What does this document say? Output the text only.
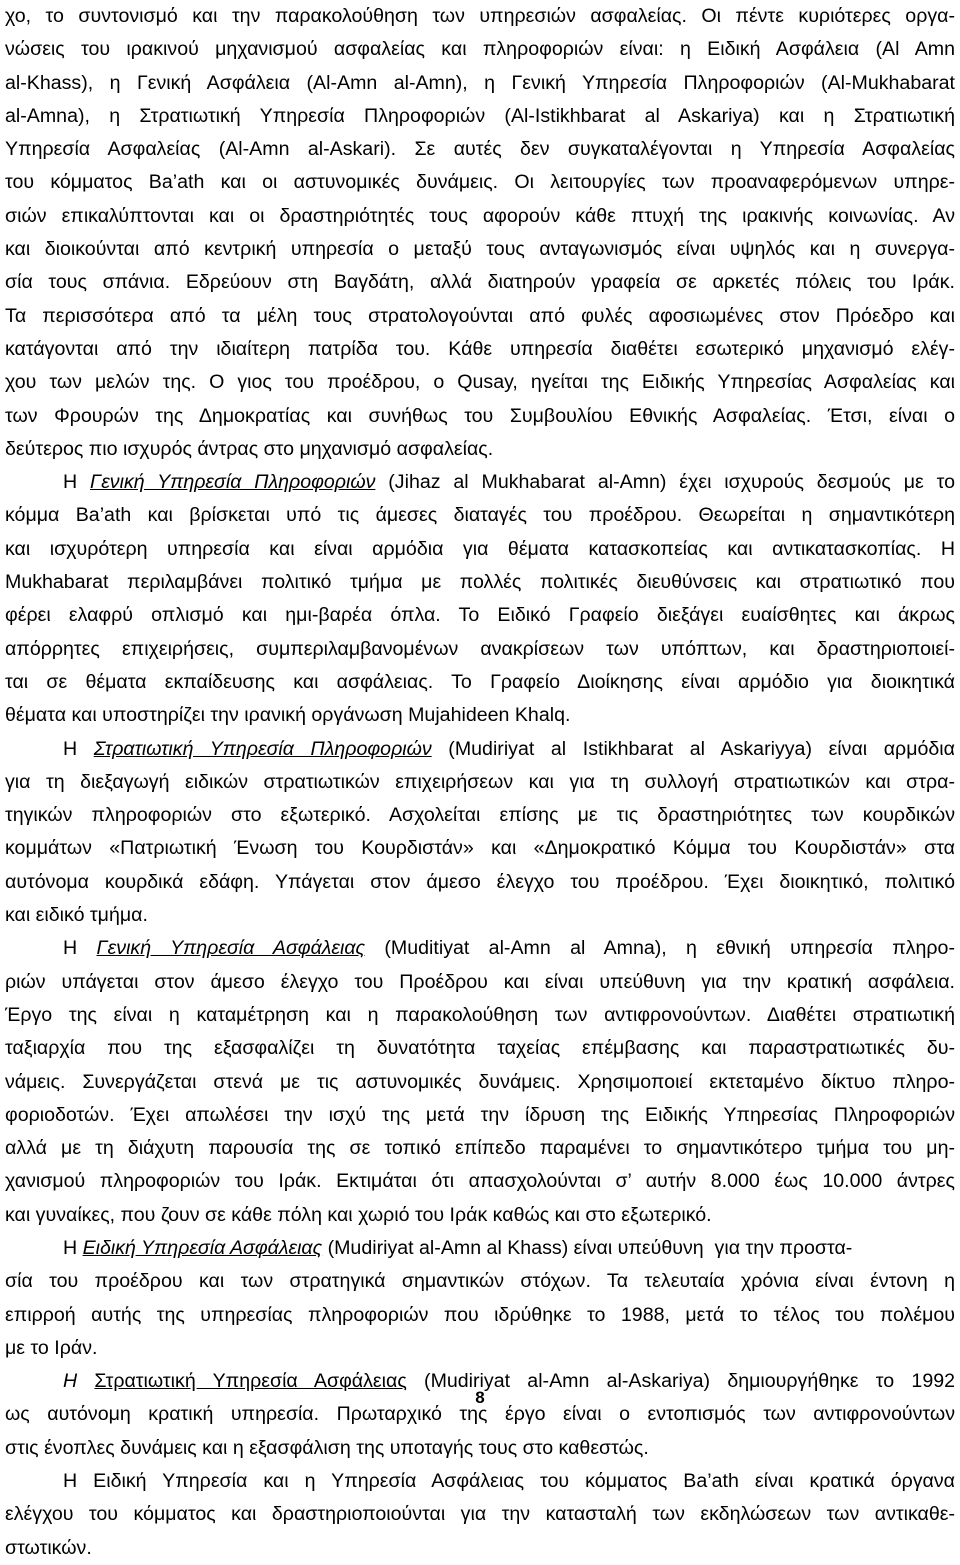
χο, το συντονισμό και την παρακολούθηση των υπηρεσιών ασφαλείας. Οι πέντε κυριότερες οργα-
νώσεις του ιρακινού μηχανισμού ασφαλείας και πληροφοριών είναι: η Ειδική Ασφάλεια (Al Amn
al-Khass), η Γενική Ασφάλεια (Al-Amn al-Amn), η Γενική Υπηρεσία Πληροφοριών (Al-Mukhabarat
al-Amna), η Στρατιωτική Υπηρεσία Πληροφοριών (Al-Istikhbarat al Askariya) και η Στρατιωτική
Υπηρεσία Ασφαλείας (Al-Amn al-Askari). Σε αυτές δεν συγκαταλέγονται η Υπηρεσία Ασφαλείας
του κόμματος Ba’ath και οι αστυνομικές δυνάμεις. Οι λειτουργίες των προαναφερόμενων υπηρε-
σιών επικαλύπτονται και οι δραστηριότητές τους αφορούν κάθε πτυχή της ιρακινής κοινωνίας. Αν
και διοικούνται από κεντρική υπηρεσία ο μεταξύ τους ανταγωνισμός είναι υψηλός και η συνεργα-
σία τους σπάνια. Εδρεύουν στη Βαγδάτη, αλλά διατηρούν γραφεία σε αρκετές πόλεις του Ιράκ.
Τα περισσότερα από τα μέλη τους στρατολογούνται από φυλές αφοσιωμένες στον Πρόεδρο και
κατάγονται από την ιδιαίτερη πατρίδα του. Κάθε υπηρεσία διαθέτει εσωτερικό μηχανισμό ελέγ-
χου των μελών της. Ο γιος του προέδρου, ο Qusay, ηγείται της Ειδικής Υπηρεσίας Ασφαλείας και
των Φρουρών της Δημοκρατίας και συνήθως του Συμβουλίου Εθνικής Ασφαλείας. Έτσι, είναι ο
δεύτερος πιο ισχυρός άντρας στο μηχανισμό ασφαλείας.
Η Γενική Υπηρεσία Πληροφοριών (Jihaz al Mukhabarat al-Amn) έχει ισχυρούς δεσμούς με το
κόμμα Ba’ath και βρίσκεται υπό τις άμεσες διαταγές του προέδρου. Θεωρείται η σημαντικότερη
και ισχυρότερη υπηρεσία και είναι αρμόδια για θέματα κατασκοπείας και αντικατασκοπίας. Η
Mukhabarat περιλαμβάνει πολιτικό τμήμα με πολλές πολιτικές διευθύνσεις και στρατιωτικό που
φέρει ελαφρύ οπλισμό και ημι-βαρέα όπλα. Το Ειδικό Γραφείο διεξάγει ευαίσθητες και άκρως
απόρρητες επιχειρήσεις, συμπεριλαμβανομένων ανακρίσεων των υπόπτων, και δραστηριοποιεί-
ται σε θέματα εκπαίδευσης και ασφάλειας. Το Γραφείο Διοίκησης είναι αρμόδιο για διοικητικά
θέματα και υποστηρίζει την ιρανική οργάνωση Mujahideen Khalq.
Η Στρατιωτική Υπηρεσία Πληροφοριών (Mudiriyat al Istikhbarat al Askariyya) είναι αρμόδια
για τη διεξαγωγή ειδικών στρατιωτικών επιχειρήσεων και για τη συλλογή στρατιωτικών και στρα-
τηγικών πληροφοριών στο εξωτερικό. Ασχολείται επίσης με τις δραστηριότητες των κουρδικών
κομμάτων «Πατριωτική Ένωση του Κουρδιστάν» και «Δημοκρατικό Κόμμα του Κουρδιστάν» στα
αυτόνομα κουρδικά εδάφη. Υπάγεται στον άμεσο έλεγχο του προέδρου. Έχει διοικητικό, πολιτικό
και ειδικό τμήμα.
Η Γενική Υπηρεσία Ασφάλειας (Muditiyat al-Amn al Amna), η εθνική υπηρεσία πληρο-
ριών υπάγεται στον άμεσο έλεγχο του Προέδρου και είναι υπεύθυνη για την κρατική ασφάλεια.
Έργο της είναι η καταμέτρηση και η παρακολούθηση των αντιφρονούντων. Διαθέτει στρατιωτική
ταξιαρχία που της εξασφαλίζει τη δυνατότητα ταχείας επέμβασης και παραστρατιωτικές δυ-
νάμεις. Συνεργάζεται στενά με τις αστυνομικές δυνάμεις. Χρησιμοποιεί εκτεταμένο δίκτυο πληρο-
φοριοδοτών. Έχει απωλέσει την ισχύ της μετά την ίδρυση της Ειδικής Υπηρεσίας Πληροφοριών
αλλά με τη διάχυτη παρουσία της σε τοπικό επίπεδο παραμένει το σημαντικότερο τμήμα του μη-
χανισμού πληροφοριών του Ιράκ. Εκτιμάται ότι απασχολούνται σ’ αυτήν 8.000 έως 10.000 άντρες
και γυναίκες, που ζουν σε κάθε πόλη και χωριό του Ιράκ καθώς και στο εξωτερικό.
Η Ειδική Υπηρεσία Ασφάλειας (Mudiriyat al-Amn al Khass) είναι υπεύθυνη  για την προστα-
σία του προέδρου και των στρατηγικά σημαντικών στόχων. Τα τελευταία χρόνια είναι έντονη η
επιρροή αυτής της υπηρεσίας πληροφοριών που ιδρύθηκε το 1988, μετά το τέλος του πολέμου
με το Ιράν.
Η Στρατιωτική Υπηρεσία Ασφάλειας (Mudiriyat al-Amn al-Askariya) δημιουργήθηκε το 1992
ως αυτόνομη κρατική υπηρεσία. Πρωταρχικό της έργο είναι ο εντοπισμός των αντιφρονούντων
στις ένοπλες δυνάμεις και η εξασφάλιση της υποταγής τους στο καθεστώς.
Η Ειδική Υπηρεσία και η Υπηρεσία Ασφάλειας του κόμματος Ba’ath είναι κρατικά όργανα
ελέγχου του κόμματος και δραστηριοποιούνται για την κατασταλή των εκδηλώσεων των αντικαθε-
στωτικών.
8
